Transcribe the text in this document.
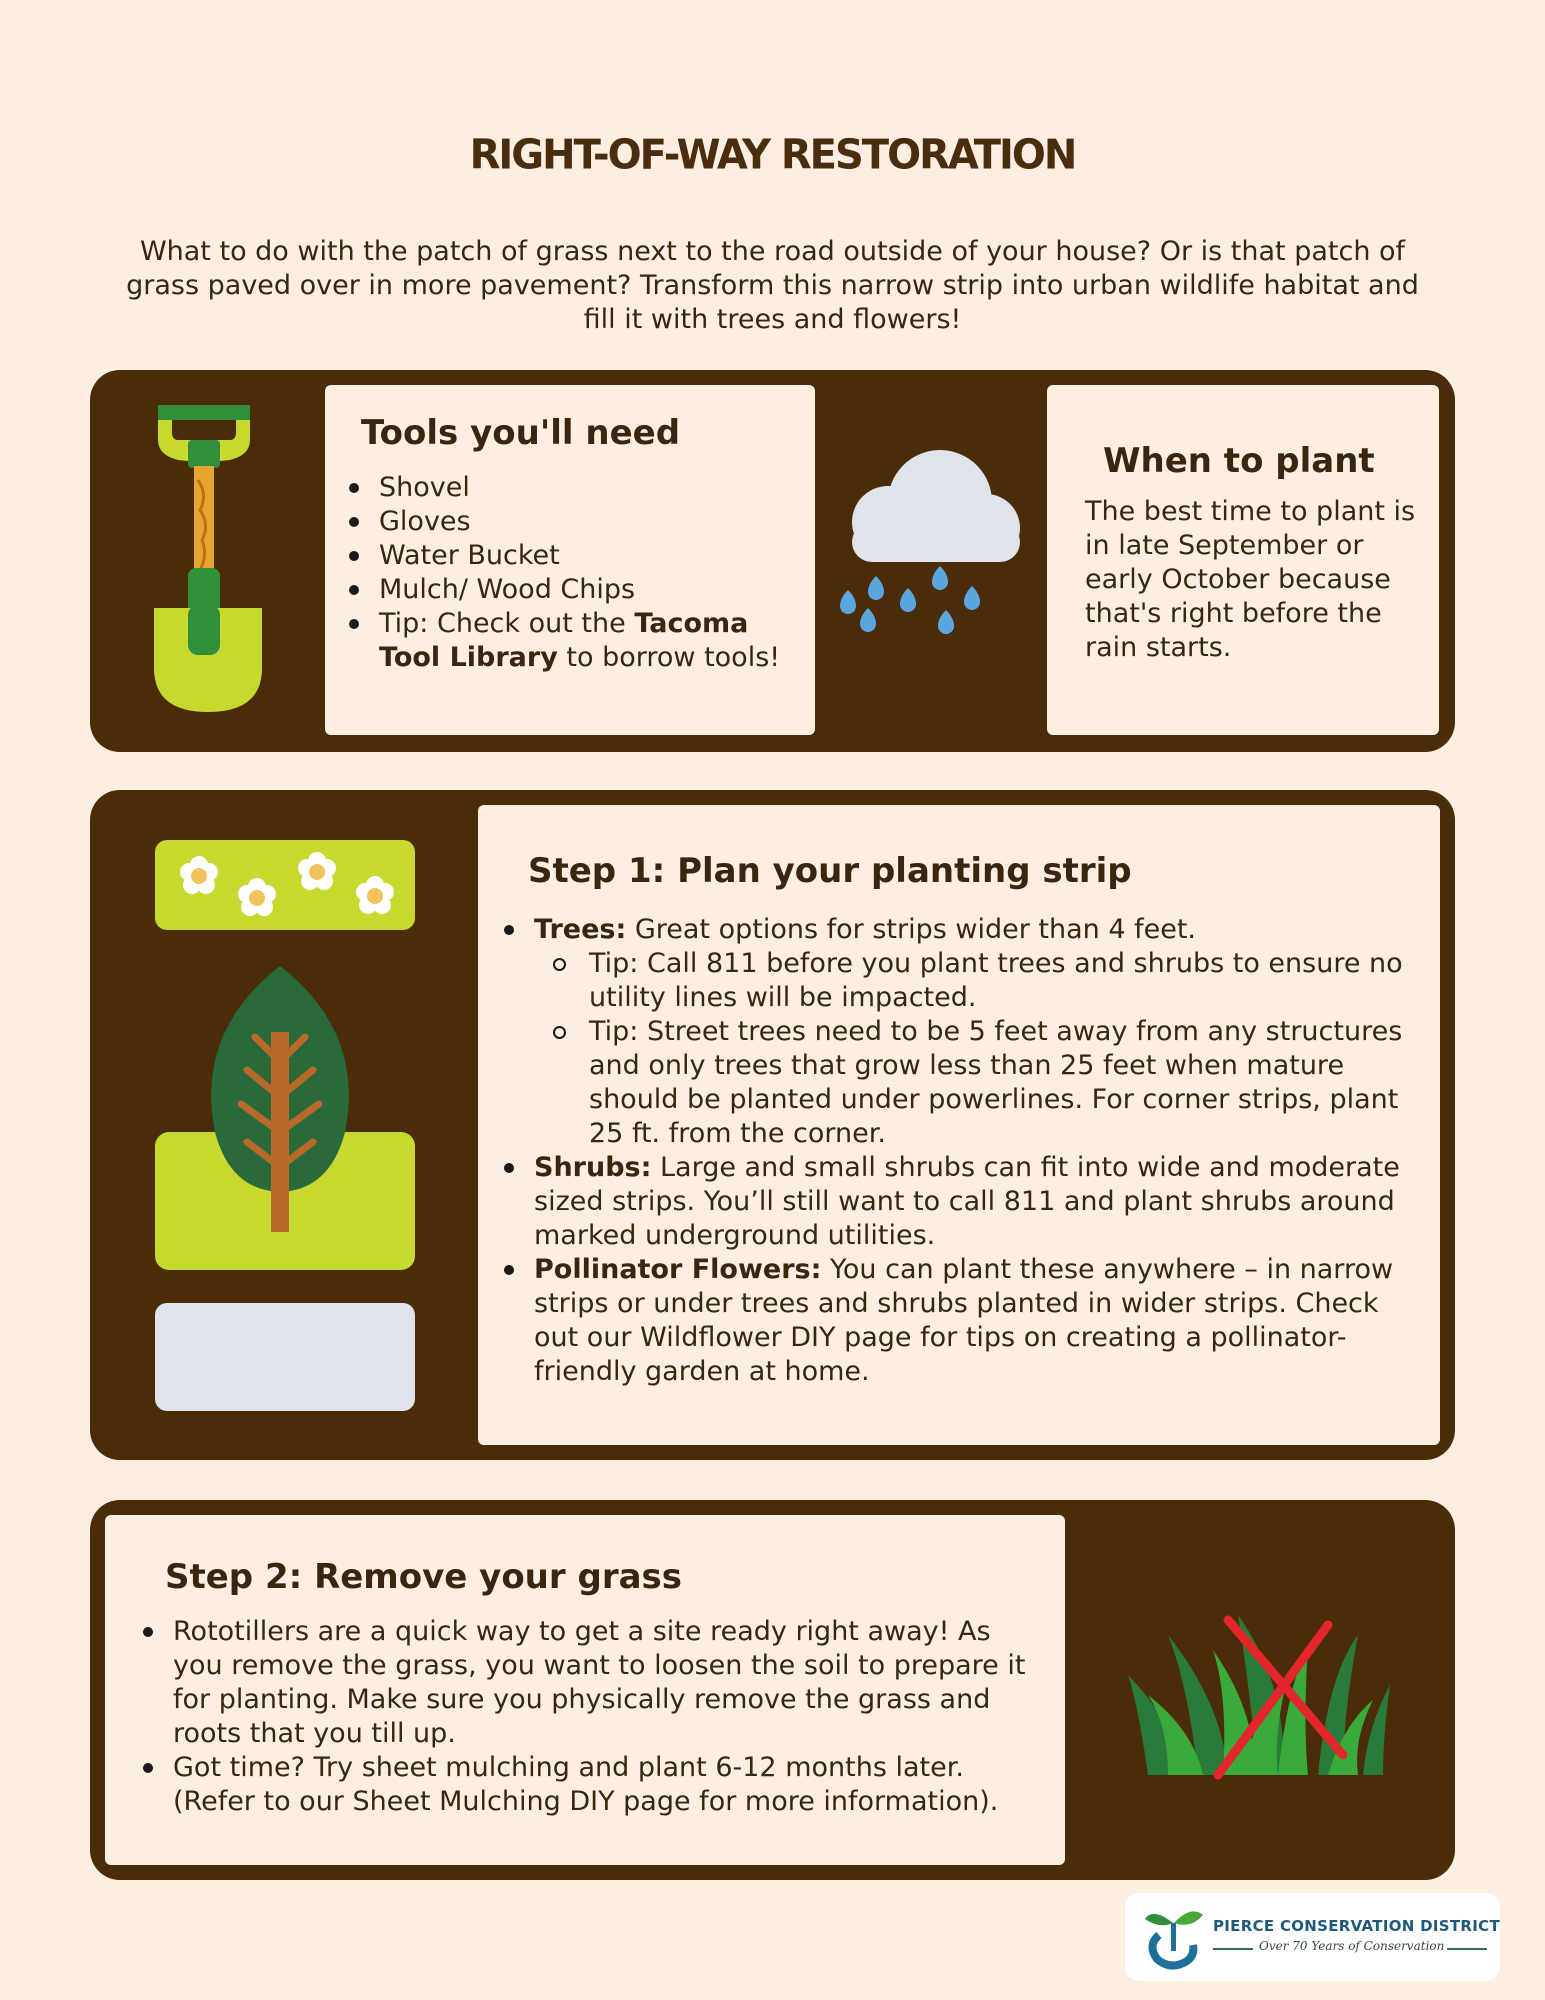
RIGHT-OF-WAY RESTORATION
What to do with the patch of grass next to the road outside of your house? Or is that patch of grass paved over in more pavement? Transform this narrow strip into urban wildlife habitat and fill it with trees and flowers!
Tools you'll need
Shovel
Gloves
Water Bucket
Mulch/ Wood Chips
Tip: Check out the Tacoma Tool Library to borrow tools!
When to plant
The best time to plant is in late September or early October because that's right before the rain starts.
Step 1: Plan your planting strip
Trees: Great options for strips wider than 4 feet.
Tip: Call 811 before you plant trees and shrubs to ensure no utility lines will be impacted.
Tip: Street trees need to be 5 feet away from any structures and only trees that grow less than 25 feet when mature should be planted under powerlines. For corner strips, plant 25 ft. from the corner.
Shrubs: Large and small shrubs can fit into wide and moderate sized strips. You’ll still want to call 811 and plant shrubs around marked underground utilities.
Pollinator Flowers: You can plant these anywhere – in narrow strips or under trees and shrubs planted in wider strips. Check out our Wildflower DIY page for tips on creating a pollinator-friendly garden at home.
Step 2: Remove your grass
Rototillers are a quick way to get a site ready right away! As you remove the grass, you want to loosen the soil to prepare it for planting. Make sure you physically remove the grass and roots that you till up.
Got time? Try sheet mulching and plant 6-12 months later. (Refer to our Sheet Mulching DIY page for more information).
PIERCE CONSERVATION DISTRICT
Over 70 Years of Conservation
